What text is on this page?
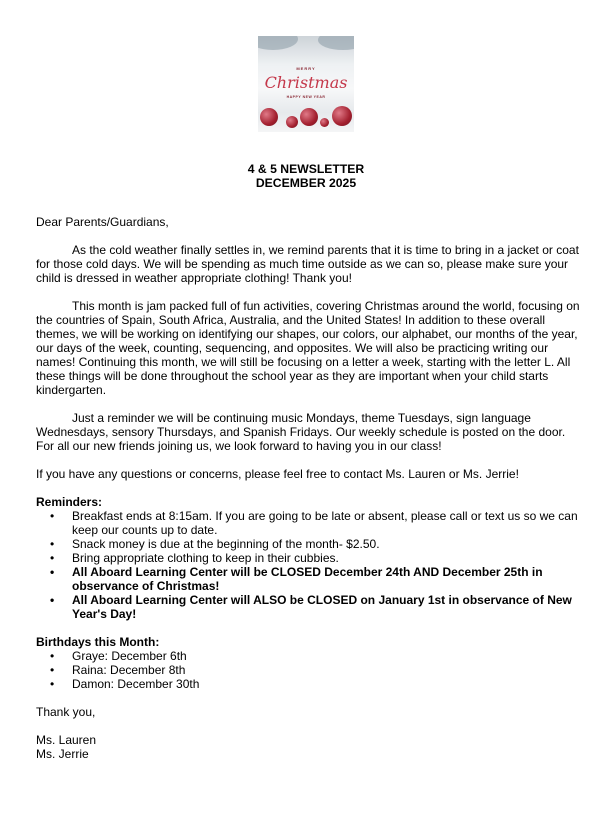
MERRY
Christmas
HAPPY NEW YEAR
4 & 5 NEWSLETTER
DECEMBER 2025

Dear Parents/Guardians,

As the cold weather finally settles in, we remind parents that it is time to bring in a jacket or coat for those cold days. We will be spending as much time outside as we can so, please make sure your child is dressed in weather appropriate clothing! Thank you!

This month is jam packed full of fun activities, covering Christmas around the world, focusing on the countries of Spain, South Africa, Australia, and the United States! In addition to these overall themes, we will be working on identifying our shapes, our colors, our alphabet, our months of the year, our days of the week, counting, sequencing, and opposites. We will also be practicing writing our names! Continuing this month, we will still be focusing on a letter a week, starting with the letter L. All these things will be done throughout the school year as they are important when your child starts kindergarten.

Just a reminder we will be continuing music Mondays, theme Tuesdays, sign language Wednesdays, sensory Thursdays, and Spanish Fridays. Our weekly schedule is posted on the door. For all our new friends joining us, we look forward to having you in our class!

If you have any questions or concerns, please feel free to contact Ms. Lauren or Ms. Jerrie!

Reminders:

• Breakfast ends at 8:15am. If you are going to be late or absent, please call or text us so we can keep our counts up to date.
• Snack money is due at the beginning of the month- $2.50.
• Bring appropriate clothing to keep in their cubbies.
• All Aboard Learning Center will be CLOSED December 24th AND December 25th in observance of Christmas!
• All Aboard Learning Center will ALSO be CLOSED on January 1st in observance of New Year's Day!

Birthdays this Month:

• Graye: December 6th
• Raina: December 8th
• Damon: December 30th

Thank you,

Ms. Lauren

Ms. Jerrie
